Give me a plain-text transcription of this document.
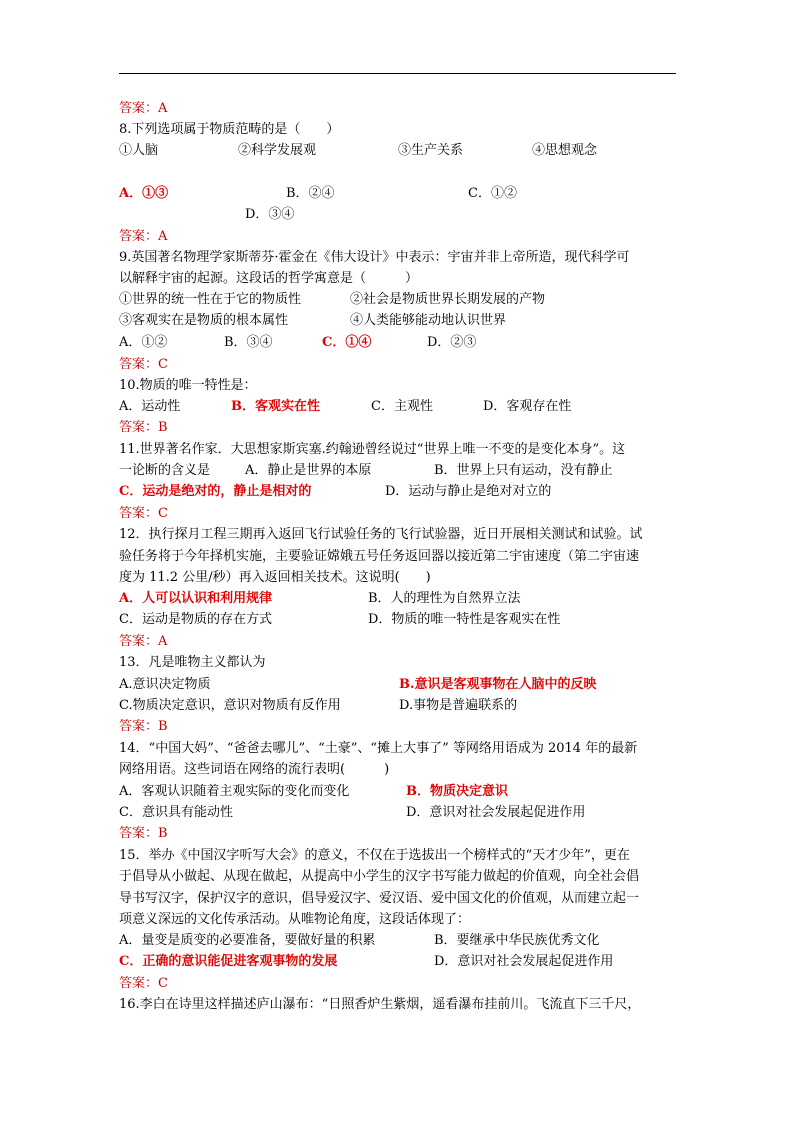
答案：A
8.下列选项属于物质范畴的是（　　）
①人脑	②科学发展观	③生产关系	④思想观念
A．①③	B．②④	C．①②
D．③④
答案：A
9.英国著名物理学家斯蒂芬·霍金在《伟大设计》中表示：宇宙并非上帝所造，现代科学可
以解释宇宙的起源。这段话的哲学寓意是（　　　）
①世界的统一性在于它的物质性	②社会是物质世界长期发展的产物
③客观实在是物质的根本属性	④人类能够能动地认识世界
A．①②	B．③④	C．①④	D．②③
答案：C
10.物质的唯一特性是：
A．运动性	B．客观实在性	C．主观性	D．客观存在性
答案：B
11.世界著名作家．大思想家斯宾塞.约翰逊曾经说过“世界上唯一不变的是变化本身”。这
一论断的含义是	A．静止是世界的本原	B．世界上只有运动，没有静止
C．运动是绝对的，静止是相对的	D．运动与静止是绝对对立的
答案：C
12．执行探月工程三期再入返回飞行试验任务的飞行试验器，近日开展相关测试和试验。试
验任务将于今年择机实施，主要验证嫦娥五号任务返回器以接近第二宇宙速度（第二宇宙速
度为 11.2 公里/秒）再入返回相关技术。这说明(　　)
A．人可以认识和利用规律	B．人的理性为自然界立法
C．运动是物质的存在方式	D．物质的唯一特性是客观实在性
答案：A
13．凡是唯物主义都认为
A.意识决定物质	B.意识是客观事物在人脑中的反映
C.物质决定意识，意识对物质有反作用	D.事物是普遍联系的
答案：B
14．“中国大妈”、“爸爸去哪儿”、“土豪”、“摊上大事了” 等网络用语成为 2014 年的最新
网络用语。这些词语在网络的流行表明(　　　)
A．客观认识随着主观实际的变化而变化	B．物质决定意识
C．意识具有能动性	D．意识对社会发展起促进作用
答案：B
15．举办《中国汉字听写大会》的意义，不仅在于选拔出一个榜样式的“天才少年”，更在
于倡导从小做起、从现在做起，从提高中小学生的汉字书写能力做起的价值观，向全社会倡
导书写汉字，保护汉字的意识，倡导爱汉字、爱汉语、爱中国文化的价值观，从而建立起一
项意义深远的文化传承活动。从唯物论角度，这段话体现了：
A．量变是质变的必要准备，要做好量的积累	B．要继承中华民族优秀文化
C．正确的意识能促进客观事物的发展	D．意识对社会发展起促进作用
答案：C
16.李白在诗里这样描述庐山瀑布：“日照香炉生紫烟，遥看瀑布挂前川。飞流直下三千尺，
